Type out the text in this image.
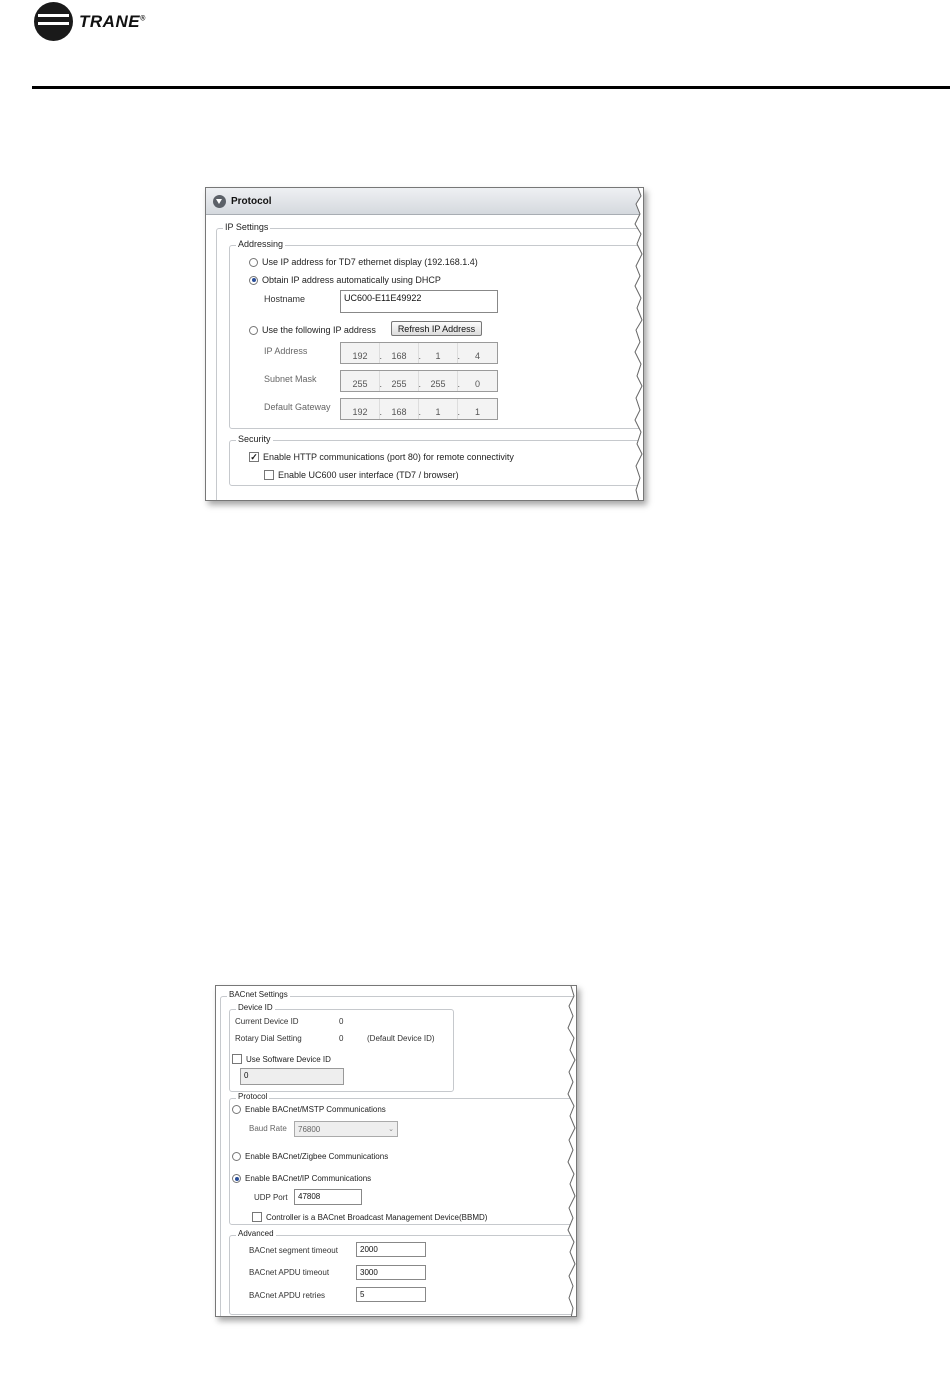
TRANE®
Protocol
IP Settings
Addressing
Use IP address for TD7 ethernet display (192.168.1.4)
Obtain IP address automatically using DHCP
Hostname	UC600-E11E49922
Use the following IP address	Refresh IP Address
IP Address	192 .	168 .	1 .	4
Subnet Mask	255 .	255 .	255 .	0
Default Gateway	192 .	168 .	1 .	1
Security
✓ Enable HTTP communications (port 80) for remote connectivity
Enable UC600 user interface (TD7 / browser)
BACnet Settings
Device ID
Current Device ID	0
Rotary Dial Setting	0	(Default Device ID)
Use Software Device ID
0
Protocol
Enable BACnet/MSTP Communications
Baud Rate 76800	⌄
Enable BACnet/Zigbee Communications
Enable BACnet/IP Communications
UDP Port	47808
Controller is a BACnet Broadcast Management Device(BBMD)
Advanced
BACnet segment timeout	2000
BACnet APDU timeout	3000
BACnet APDU retries	5
